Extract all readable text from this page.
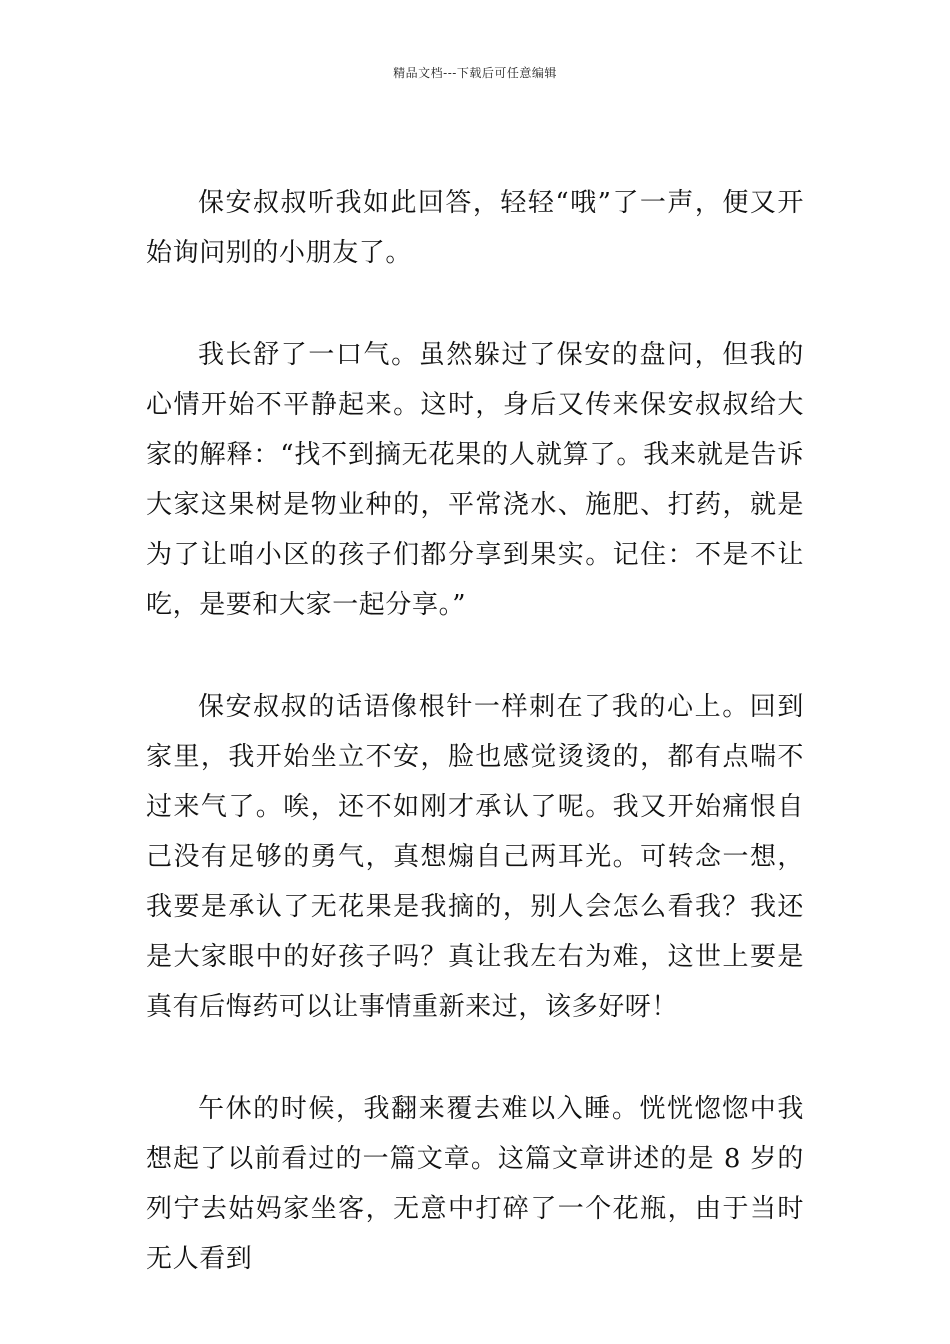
精品文档---下载后可任意编辑

保安叔叔听我如此回答，轻轻“哦”了一声，便又开始询问别的小朋友了。

我长舒了一口气。虽然躲过了保安的盘问，但我的心情开始不平静起来。这时，身后又传来保安叔叔给大家的解释：“找不到摘无花果的人就算了。我来就是告诉大家这果树是物业种的，平常浇水、施肥、打药，就是为了让咱小区的孩子们都分享到果实。记住：不是不让吃，是要和大家一起分享。”

保安叔叔的话语像根针一样刺在了我的心上。回到家里，我开始坐立不安，脸也感觉烫烫的，都有点喘不过来气了。唉，还不如刚才承认了呢。我又开始痛恨自己没有足够的勇气，真想煽自己两耳光。可转念一想，我要是承认了无花果是我摘的，别人会怎么看我？我还是大家眼中的好孩子吗？真让我左右为难，这世上要是真有后悔药可以让事情重新来过，该多好呀！

午休的时候，我翻来覆去难以入睡。恍恍惚惚中我想起了以前看过的一篇文章。这篇文章讲述的是 8 岁的列宁去姑妈家坐客，无意中打碎了一个花瓶，由于当时无人看到
